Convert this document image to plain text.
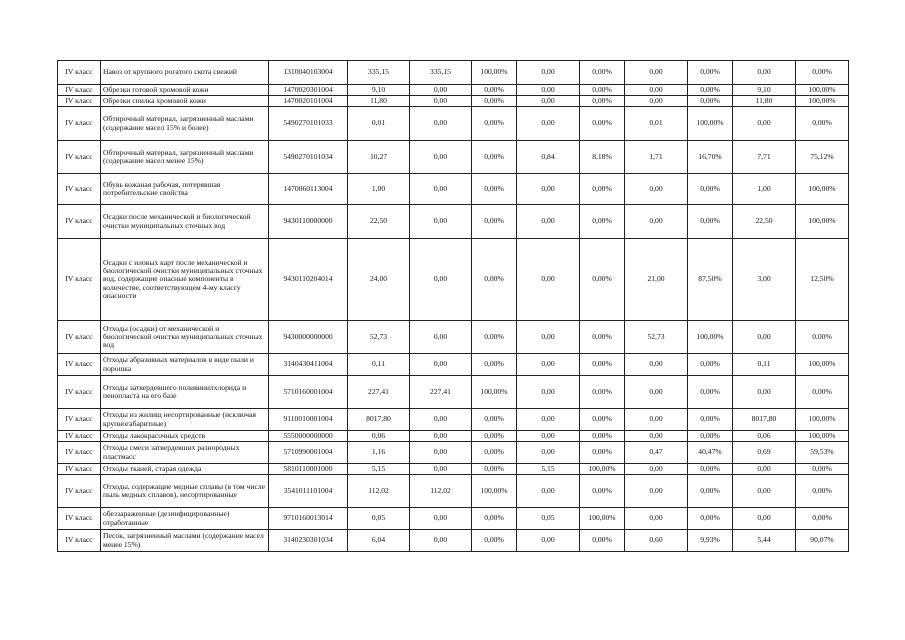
IV класс	Навоз от крупного рогатого скота свежий	1310040103004	335,15	335,15	100,00%	0,00	0,00%	0,00	0,00%	0,00	0,00%
IV класс	Обрезки готовой хромовой кожи	1470020301004	9,10	0,00	0,00%	0,00	0,00%	0,00	0,00%	9,10	100,00%
IV класс	Обрезки спилка хромовой кожи	1470020101004	11,80	0,00	0,00%	0,00	0,00%	0,00	0,00%	11,80	100,00%
IV класс	Обтирочный материал, загрязненный маслами (содержание масел 15% и более)	5490270101033	0,01	0,00	0,00%	0,00	0,00%	0,01	100,00%	0,00	0,00%
IV класс	Обтирочный материал, загрязненный маслами (содержание масел менее 15%)	5490270101034	10,27	0,00	0,00%	0,84	8,18%	1,71	16,70%	7,71	75,12%
IV класс	Обувь кожаная рабочая, потерявшая потребительские свойства	1470060113004	1,00	0,00	0,00%	0,00	0,00%	0,00	0,00%	1,00	100,00%
IV класс	Осадки после механической и биологической очистки муниципальных сточных вод	9430110000000	22,50	0,00	0,00%	0,00	0,00%	0,00	0,00%	22,50	100,00%
IV класс	Осадки с иловых карт после механической и биологической очистки муниципальных сточных вод, содержащие опасные компоненты в количестве, соответствующем 4-му классу опасности	9430110204014	24,00	0,00	0,00%	0,00	0,00%	21,00	87,50%	3,00	12,50%
IV класс	Отходы (осадки) от механической и биологической очистки муниципальных сточных вод	9430000000000	52,73	0,00	0,00%	0,00	0,00%	52,73	100,00%	0,00	0,00%
IV класс	Отходы абразивных материалов в виде пыли и порошка	3140430411004	0,11	0,00	0,00%	0,00	0,00%	0,00	0,00%	0,11	100,00%
IV класс	Отходы затвердевшего поливинилхлорида и пенопласта на его базе	5710160001004	227,41	227,41	100,00%	0,00	0,00%	0,00	0,00%	0,00	0,00%
IV класс	Отходы из жилищ несортированные (исключая крупногабаритные)	9110010001004	8017,80	0,00	0,00%	0,00	0,00%	0,00	0,00%	8017,80	100,00%
IV класс	Отходы лакокрасочных средств	5550000000000	0,06	0,00	0,00%	0,00	0,00%	0,00	0,00%	0,06	100,00%
IV класс	Отходы смеси затвердевших разнородных пластмасс	5710990001004	1,16	0,00	0,00%	0,00	0,00%	0,47	40,47%	0,69	59,53%
IV класс	Отходы тканей, старая одежда	5810110001000	5,15	0,00	0,00%	5,15	100,00%	0,00	0,00%	0,00	0,00%
IV класс	Отходы, содержащие медные сплавы (в том числе пыль медных сплавов), несортированные	3541011101004	112,02	112,02	100,00%	0,00	0,00%	0,00	0,00%	0,00	0,00%
IV класс	обеззараженные (дезинфицированные) отработанные	9710160013014	0,05	0,00	0,00%	0,05	100,00%	0,00	0,00%	0,00	0,00%
IV класс	Песок, загрязненный маслами (содержание масел менее 15%)	3140230301034	6,04	0,00	0,00%	0,00	0,00%	0,60	9,93%	5,44	90,07%
